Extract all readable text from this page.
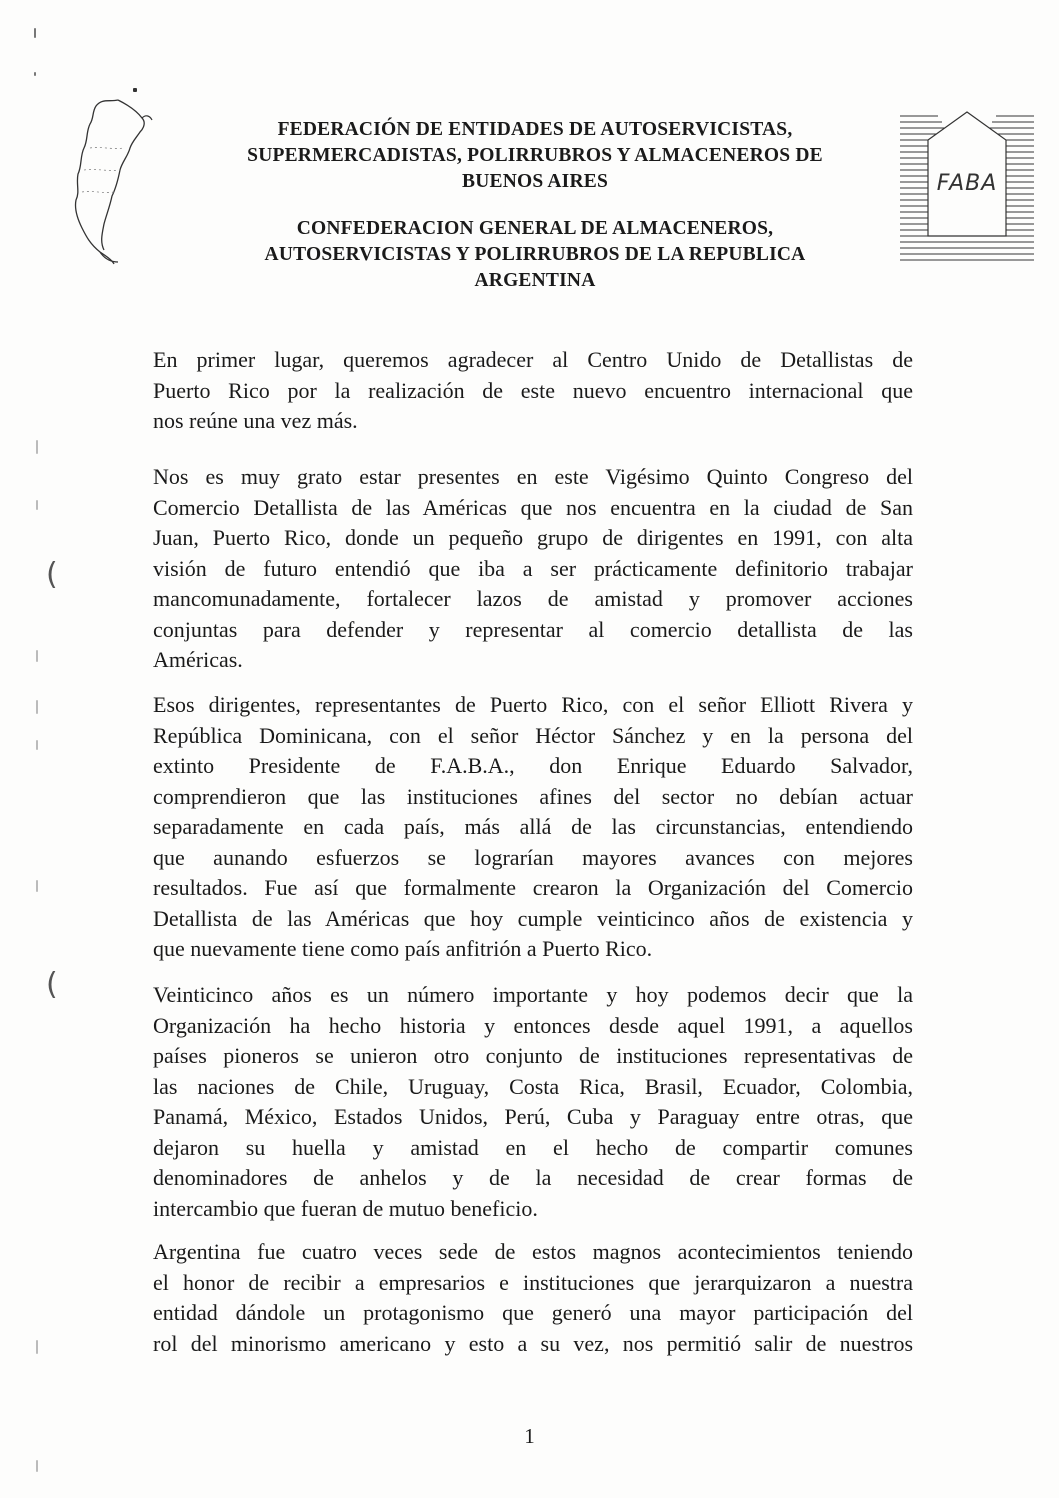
(
(
FEDERACIÓN DE ENTIDADES DE AUTOSERVICISTAS,
SUPERMERCADISTAS, POLIRRUBROS Y ALMACENEROS DE
BUENOS AIRES
CONFEDERACION GENERAL DE ALMACENEROS,
AUTOSERVICISTAS Y POLIRRUBROS DE LA REPUBLICA
ARGENTINA
FABA
En primer lugar, queremos agradecer al Centro Unido de Detallistas de
Puerto Rico por la realización de este nuevo encuentro internacional que
nos reúne una vez más.
Nos es muy grato estar presentes en este Vigésimo Quinto Congreso del
Comercio Detallista de las Américas que nos encuentra en la ciudad de San
Juan, Puerto Rico, donde un pequeño grupo de dirigentes en 1991, con alta
visión de futuro entendió que iba a ser prácticamente definitorio trabajar
mancomunadamente, fortalecer lazos de amistad y promover acciones
conjuntas para defender y representar al comercio detallista de las
Américas.
Esos dirigentes, representantes de Puerto Rico, con el señor Elliott Rivera y
República Dominicana, con el señor Héctor Sánchez y en la persona del
extinto Presidente de F.A.B.A., don Enrique Eduardo Salvador,
comprendieron que las instituciones afines del sector no debían actuar
separadamente en cada país, más allá de las circunstancias, entendiendo
que aunando esfuerzos se lograrían mayores avances con mejores
resultados. Fue así que formalmente crearon la Organización del Comercio
Detallista de las Américas que hoy cumple veinticinco años de existencia y
que nuevamente tiene como país anfitrión a Puerto Rico.
Veinticinco años es un número importante y hoy podemos decir que la
Organización ha hecho historia y entonces desde aquel 1991, a aquellos
países pioneros se unieron otro conjunto de instituciones representativas de
las naciones de Chile, Uruguay, Costa Rica, Brasil, Ecuador, Colombia,
Panamá, México, Estados Unidos, Perú, Cuba y Paraguay entre otras, que
dejaron su huella y amistad en el hecho de compartir comunes
denominadores de anhelos y de la necesidad de crear formas de
intercambio que fueran de mutuo beneficio.
Argentina fue cuatro veces sede de estos magnos acontecimientos teniendo
el honor de recibir a empresarios e instituciones que jerarquizaron a nuestra
entidad dándole un protagonismo que generó una mayor participación del
rol del minorismo americano y esto a su vez, nos permitió salir de nuestros
1
